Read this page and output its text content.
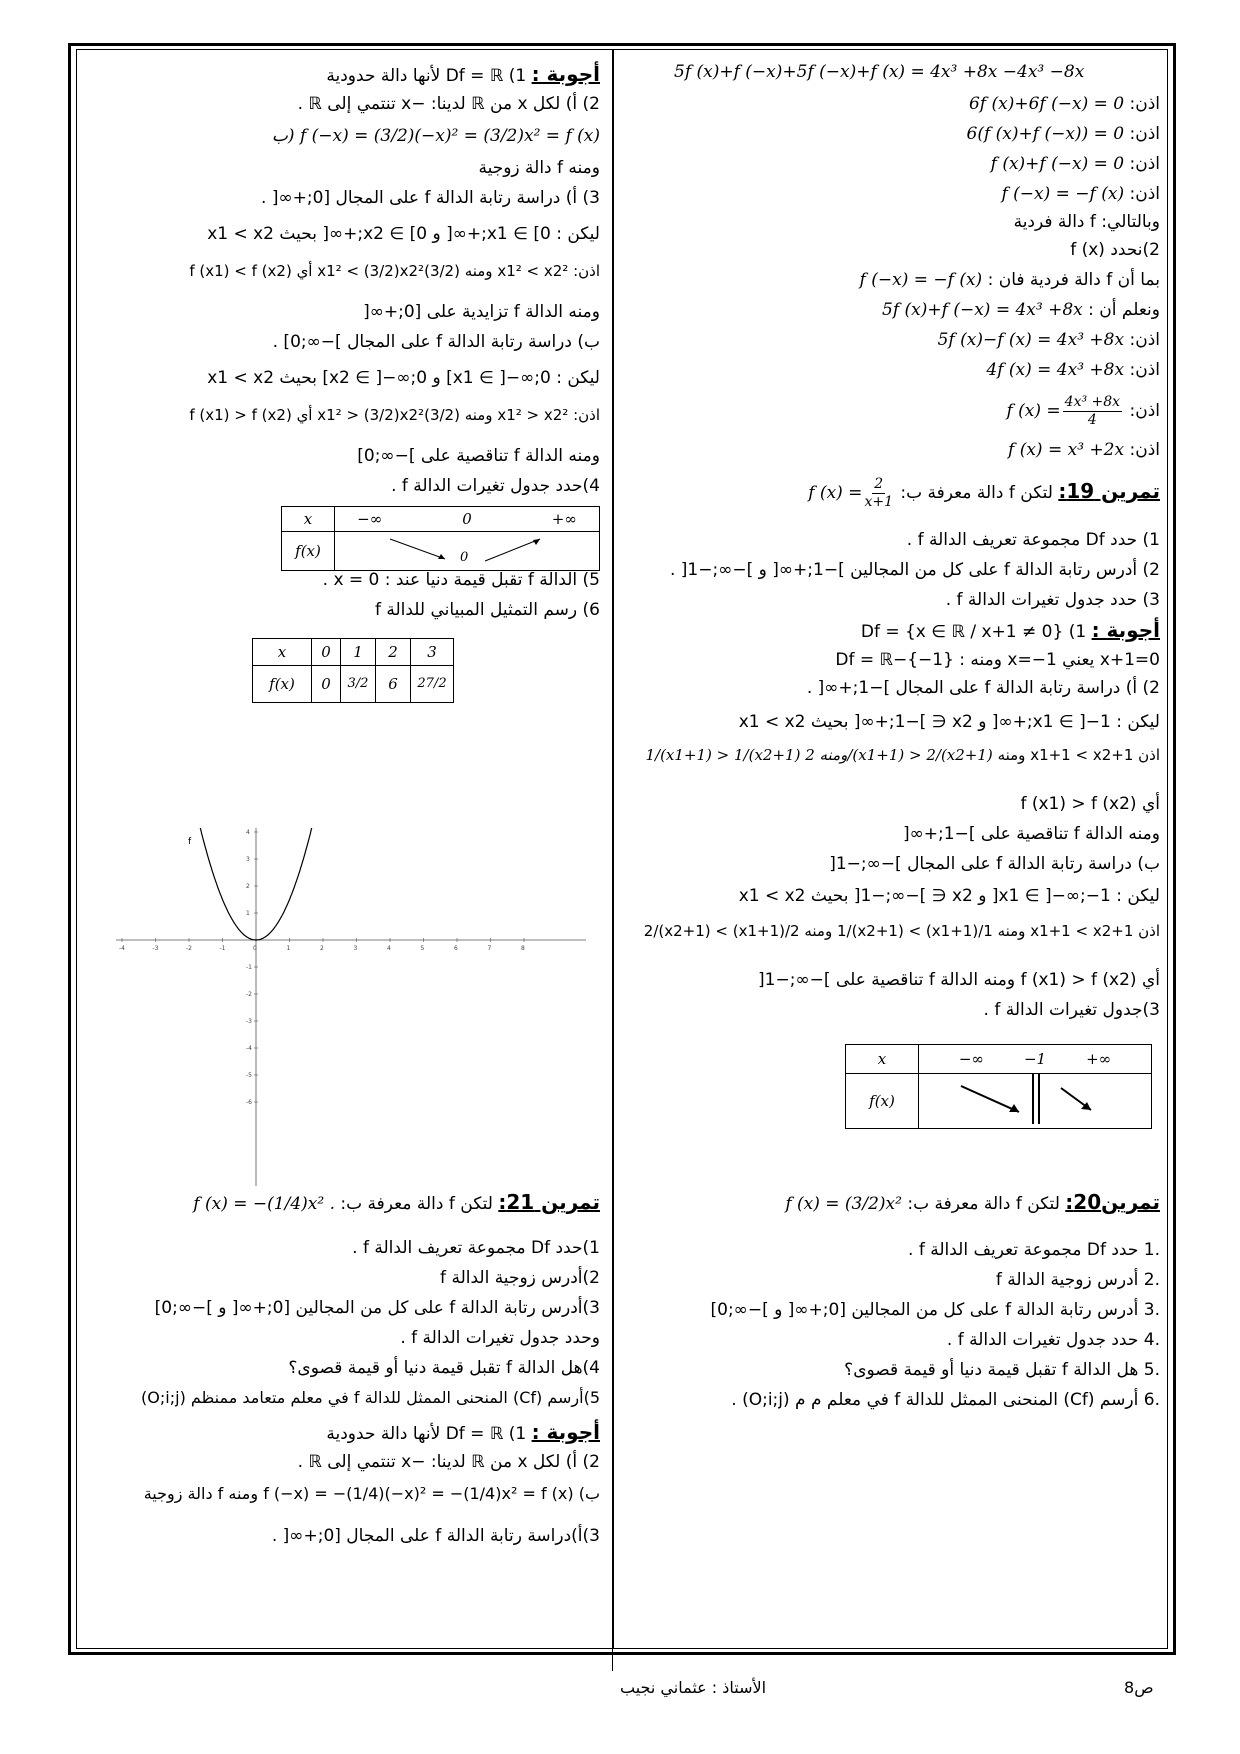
5f (x)+f (−x)+5f (−x)+f (x) = 4x³ +8x −4x³ −8x
اذن: 6f (x)+6f (−x) = 0
اذن: 6(f (x)+f (−x)) = 0
اذن: f (x)+f (−x) = 0
اذن: f (−x) = −f (x)
وبالتالي: f دالة فردية
2)نحدد f (x)
بما أن f دالة فردية فان : f (−x) = −f (x)
ونعلم أن : 5f (x)+f (−x) = 4x³ +8x
اذن: 5f (x)−f (x) = 4x³ +8x
اذن: 4f (x) = 4x³ +8x
اذن: f $(x) = \frac{\text{4x³ +8x}}{4}$
اذن: f (x) = x³ +2x
تمرين 19: لتكن f دالة معرفة ب: f $(x) = \frac{2}{x+1}$
1) حدد Df مجموعة تعريف الدالة f .
2) أدرس رتابة الدالة f على كل من المجالين ]−1;+∞[ و ]−∞;−1[ .
3) حدد جدول تغيرات الدالة f .
أجوبة : 1) Df = {x ∈ ℝ / x+1 ≠ 0}
x+1=0 يعني x=−1 ومنه : Df = ℝ−{−1}
2) أ) دراسة رتابة الدالة f على المجال ]−1;+∞[ .
ليكن : x1 ∈ ]−1;+∞[ و x2 ∈ ]−1;+∞[ بحيث x1 < x2
اذن x1+1 < x2+1 ومنه 1/(x1+1) > 1/(x2+1) ومنه 2/(x1+1) > 2/(x2+1)
أي f (x1) > f (x2)
ومنه الدالة f تناقصية على ]−1;+∞[
ب) دراسة رتابة الدالة f على المجال ]−∞;−1[
ليكن : x1 ∈ ]−∞;−1[ و x2 ∈ ]−∞;−1[ بحيث x1 < x2
اذن x1+1 < x2+1 ومنه 1/(x1+1) > 1/(x2+1) ومنه 2/(x1+1) > 2/(x2+1)
أي f (x1) > f (x2) ومنه الدالة f تناقصية على ]−∞;−1[
3)جدول تغيرات الدالة f .
x	−∞ −1 +∞
f(x)	
تمرين20: لتكن f دالة معرفة ب: f (x) = (3/2)x²
.1 حدد Df مجموعة تعريف الدالة f .
.2 أدرس زوجية الدالة f
.3 أدرس رتابة الدالة f على كل من المجالين [0;+∞[ و ]−∞;0]
.4 حدد جدول تغيرات الدالة f .
.5 هل الدالة f تقبل قيمة دنيا أو قيمة قصوى؟
.6 أرسم (Cf) المنحنى الممثل للدالة f في معلم م م (O;i;j) .
أجوبة : 1) Df = ℝ لأنها دالة حدودية
2) أ) لكل x من ℝ لدينا: −x تنتمي إلى ℝ .
ب) f (−x) = (3/2)(−x)² = (3/2)x² = f (x)
ومنه f دالة زوجية
3) أ) دراسة رتابة الدالة f على المجال [0;+∞[ .
ليكن : x1 ∈ [0;+∞[ و x2 ∈ [0;+∞[ بحيث x1 < x2
اذن: x1² < x2² ومنه (3/2)x1² < (3/2)x2² أي f (x1) < f (x2)
ومنه الدالة f تزايدية على [0;+∞[
ب) دراسة رتابة الدالة f على المجال ]−∞;0] .
ليكن : x1 ∈ ]−∞;0] و x2 ∈ ]−∞;0] بحيث x1 < x2
اذن: x1² > x2² ومنه (3/2)x1² > (3/2)x2² أي f (x1) > f (x2)
ومنه الدالة f تناقصية على ]−∞;0]
4)حدد جدول تغيرات الدالة f .
x	−∞ 0 +∞
f(x)	0
5) الدالة f تقبل قيمة دنيا عند : x = 0 .
6) رسم التمثيل المبياني للدالة f
x	0	1	2	3
f(x)	0	3/2	6	27/2
تمرين 21: لتكن f دالة معرفة ب: f (x) = −(1/4)x² .
1)حدد Df مجموعة تعريف الدالة f .
2)أدرس زوجية الدالة f
3)أدرس رتابة الدالة f على كل من المجالين [0;+∞[ و ]−∞;0]
وحدد جدول تغيرات الدالة f .
4)هل الدالة f تقبل قيمة دنيا أو قيمة قصوى؟
5)أرسم (Cf) المنحنى الممثل للدالة f في معلم متعامد ممنظم (O;i;j)
أجوبة : 1) Df = ℝ لأنها دالة حدودية
2) أ) لكل x من ℝ لدينا: −x تنتمي إلى ℝ .
ب) f (−x) = −(1/4)(−x)² = −(1/4)x² = f (x) ومنه f دالة زوجية
3)أ)دراسة رتابة الدالة f على المجال [0;+∞[ .
-4	-3	-2	-1	0	1	2	3	4	5	6	7	8
4
3
2
1
-1
-2
-3
-4
-5
-6
f
الأستاذ : عثماني نجيب	ص8
